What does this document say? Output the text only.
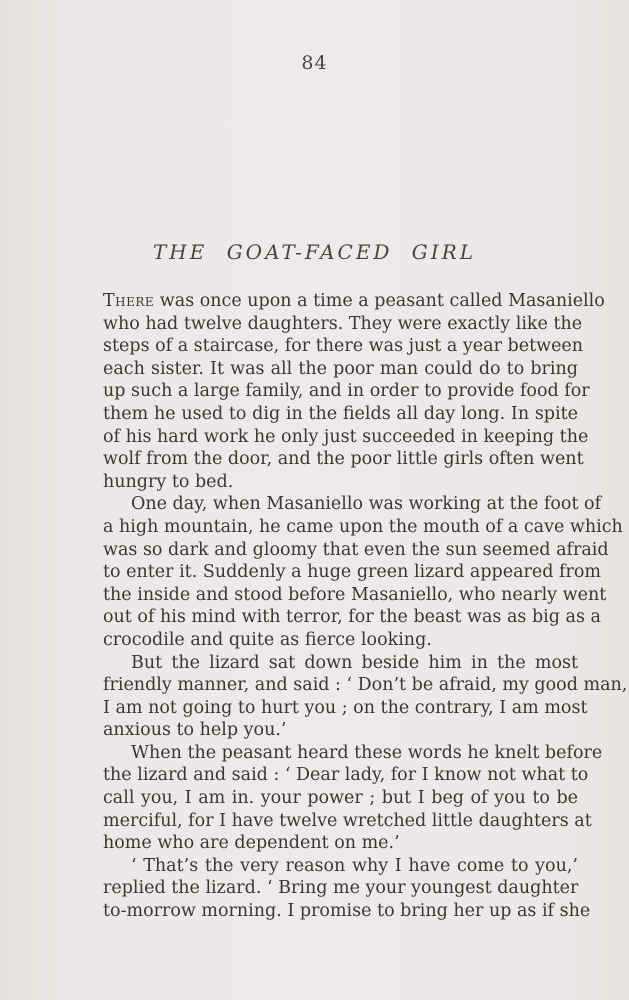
84
THE GOAT-FACED GIRL
There was once upon a time a peasant called Masaniello
who had twelve daughters. They were exactly like the
steps of a staircase, for there was just a year between
each sister. It was all the poor man could do to bring
up such a large family, and in order to provide food for
them he used to dig in the fields all day long. In spite
of his hard work he only just succeeded in keeping the
wolf from the door, and the poor little girls often went
hungry to bed.
One day, when Masaniello was working at the foot of
a high mountain, he came upon the mouth of a cave which
was so dark and gloomy that even the sun seemed afraid
to enter it. Suddenly a huge green lizard appeared from
the inside and stood before Masaniello, who nearly went
out of his mind with terror, for the beast was as big as a
crocodile and quite as fierce looking.
But the lizard sat down beside him in the most
friendly manner, and said : ‘ Don’t be afraid, my good man,
I am not going to hurt you ; on the contrary, I am most
anxious to help you.’
When the peasant heard these words he knelt before
the lizard and said : ‘ Dear lady, for I know not what to
call you, I am in. your power ; but I beg of you to be
merciful, for I have twelve wretched little daughters at
home who are dependent on me.’
‘ That’s the very reason why I have come to you,’
replied the lizard. ‘ Bring me your youngest daughter
to-morrow morning. I promise to bring her up as if she
